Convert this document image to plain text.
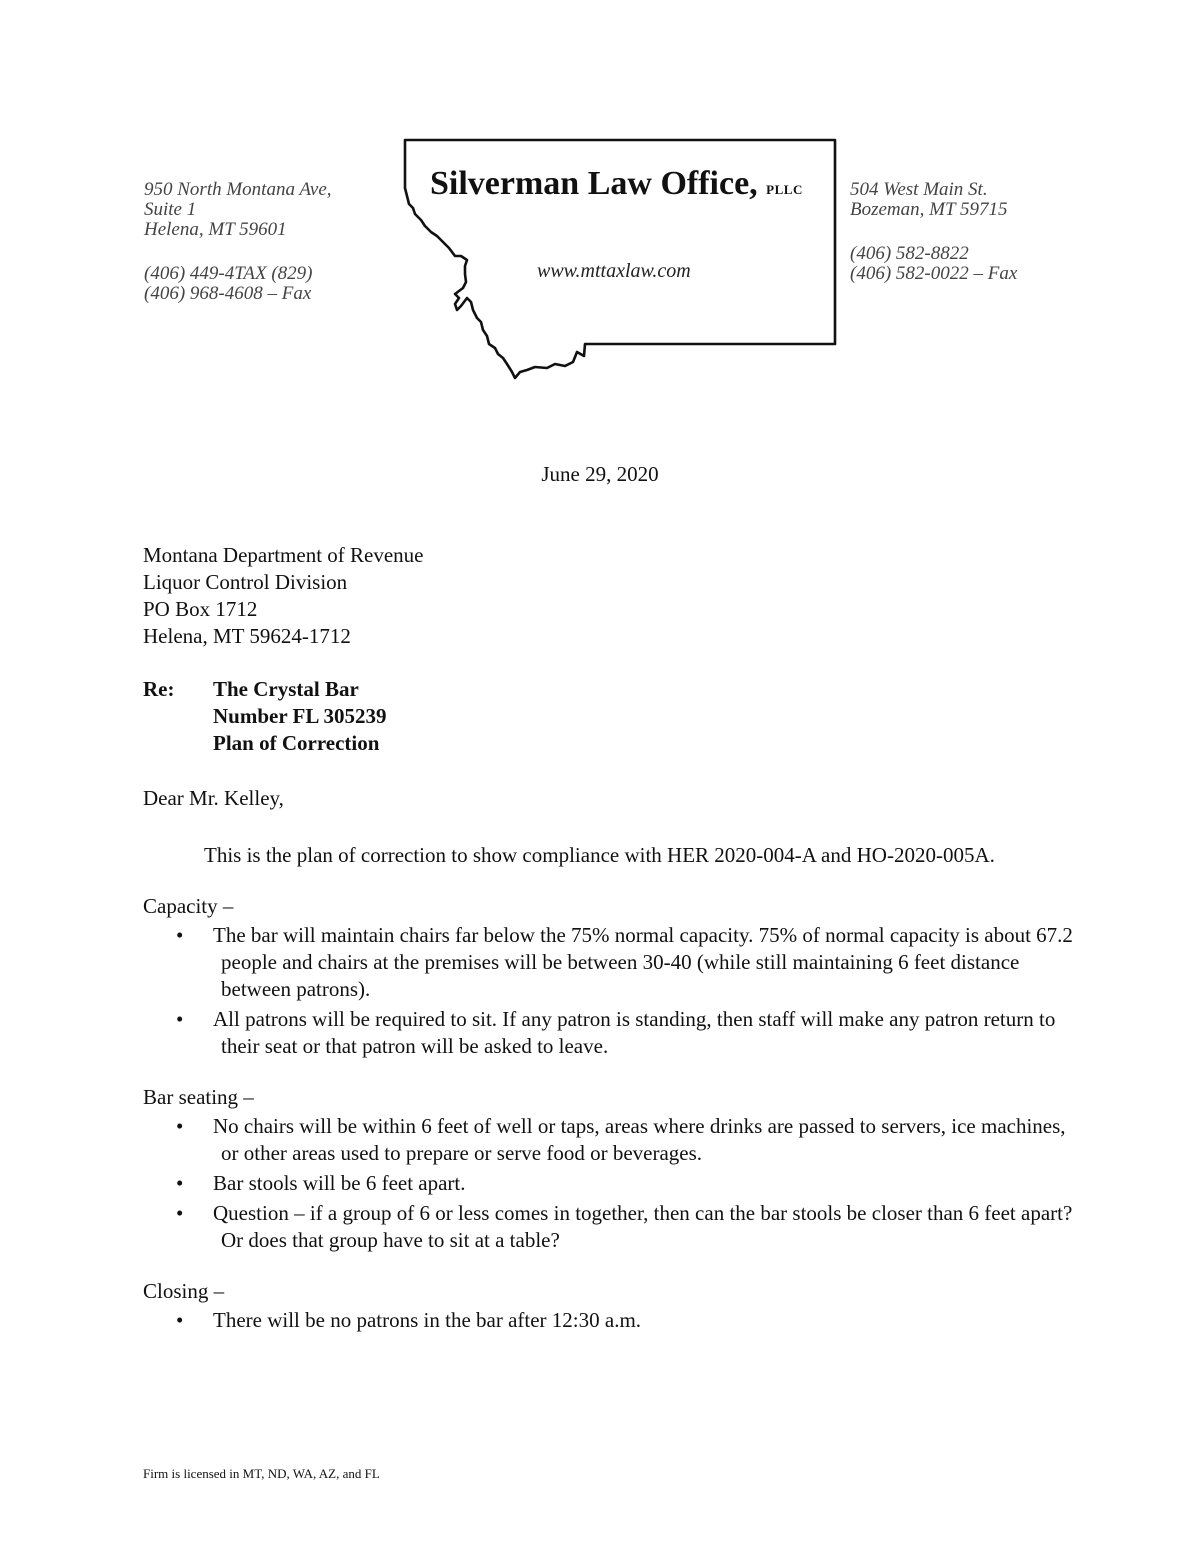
950 North Montana Ave,
Suite 1
Helena, MT 59601
(406) 449-4TAX (829)
(406) 968-4608 – Fax
Silverman Law Office, PLLC
www.mttaxlaw.com
504 West Main St.
Bozeman, MT 59715
(406) 582-8822
(406) 582-0022 – Fax
June 29, 2020
Montana Department of Revenue
Liquor Control Division
PO Box 1712
Helena, MT 59624-1712
Re: The Crystal Bar
Number FL 305239
Plan of Correction

Dear Mr. Kelley,

This is the plan of correction to show compliance with HER 2020-004-A and HO-2020-005A.

Capacity –

• The bar will maintain chairs far below the 75% normal capacity. 75% of normal capacity is about 67.2 people and chairs at the premises will be between 30-40 (while still maintaining 6 feet distance between patrons).
• All patrons will be required to sit. If any patron is standing, then staff will make any patron return to their seat or that patron will be asked to leave.

Bar seating –

• No chairs will be within 6 feet of well or taps, areas where drinks are passed to servers, ice machines, or other areas used to prepare or serve food or beverages.
• Bar stools will be 6 feet apart.
• Question – if a group of 6 or less comes in together, then can the bar stools be closer than 6 feet apart? Or does that group have to sit at a table?

Closing –

• There will be no patrons in the bar after 12:30 a.m.
Firm is licensed in MT, ND, WA, AZ, and FL
